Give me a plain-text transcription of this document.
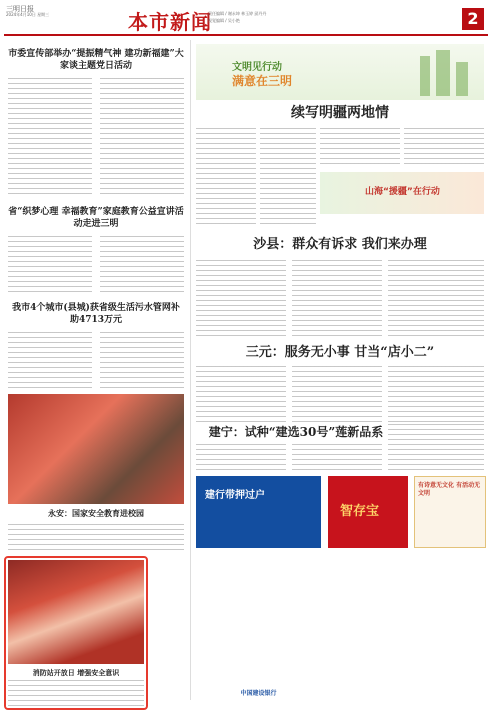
三明日报
2024年4月10日 星期三	本市新闻
责任编辑 / 谢永坤 林玉婷 邱丹丹
视觉编辑 / 吴小艳	2
市委宣传部举办“提振精气神 建功新福建”大家谈主题党日活动
省“织梦心理 幸福教育”家庭教育公益宣讲活动走进三明
我市4个城市(县城)获省级生活污水管网补助4713万元
永安：国家安全教育进校园
消防站开放日 增强安全意识
文明见行动
满意在三明
续写明疆两地情
山海“援疆”在行动
沙县：群众有诉求 我们来办理
三元：服务无小事 甘当“店小二”
建宁：试种“建选30号”莲新品系
建行带押过户
智存宝
有诗意无文化 有活动无文明
中国建设银行
